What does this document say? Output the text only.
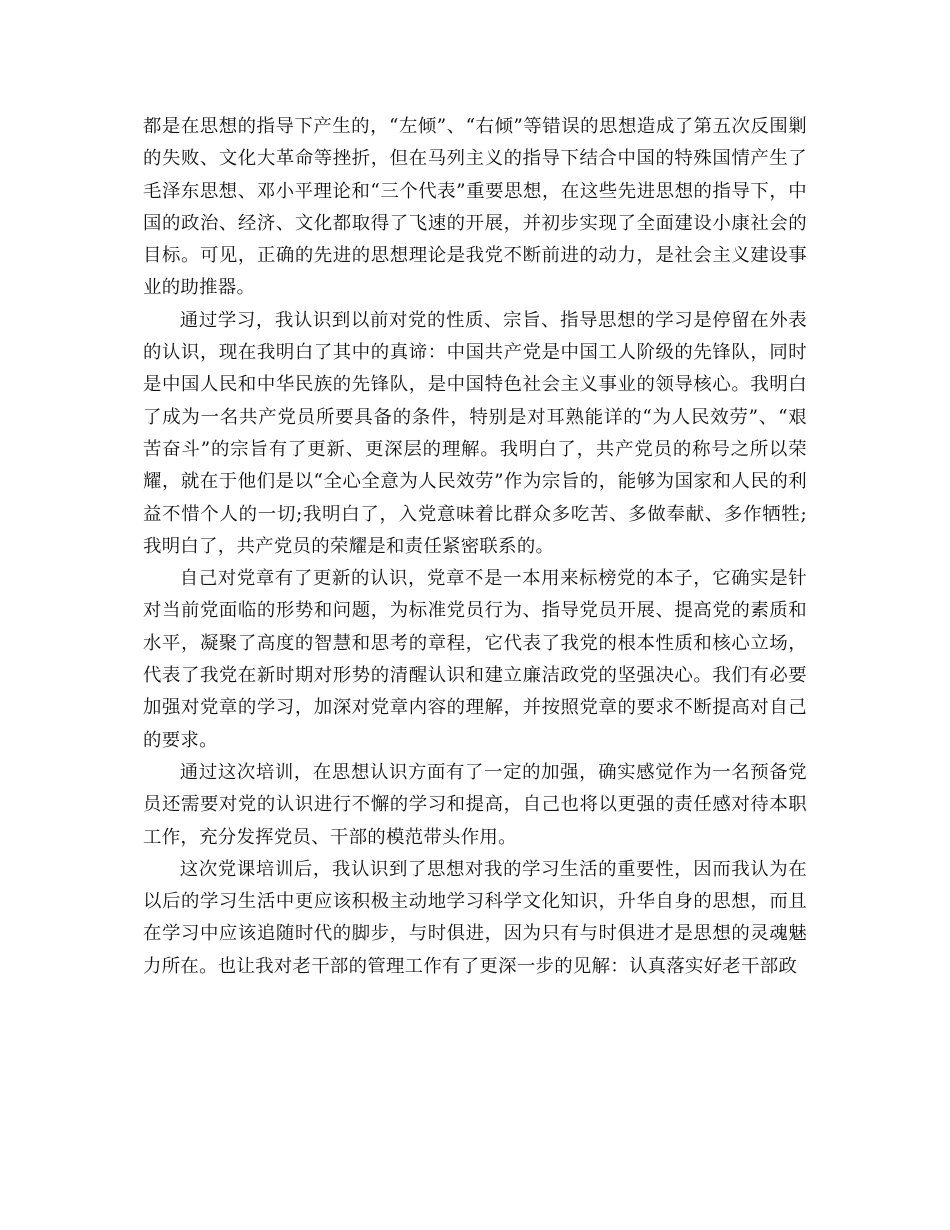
都是在思想的指导下产生的，“左倾”、“右倾”等错误的思想造成了第五次反围剿的失败、文化大革命等挫折，但在马列主义的指导下结合中国的特殊国情产生了毛泽东思想、邓小平理论和“三个代表”重要思想，在这些先进思想的指导下，中国的政治、经济、文化都取得了飞速的开展，并初步实现了全面建设小康社会的目标。可见，正确的先进的思想理论是我党不断前进的动力，是社会主义建设事业的助推器。

通过学习，我认识到以前对党的性质、宗旨、指导思想的学习是停留在外表的认识，现在我明白了其中的真谛：中国共产党是中国工人阶级的先锋队，同时是中国人民和中华民族的先锋队，是中国特色社会主义事业的领导核心。我明白了成为一名共产党员所要具备的条件，特别是对耳熟能详的“为人民效劳”、“艰苦奋斗”的宗旨有了更新、更深层的理解。我明白了，共产党员的称号之所以荣耀，就在于他们是以“全心全意为人民效劳”作为宗旨的，能够为国家和人民的利益不惜个人的一切;我明白了，入党意味着比群众多吃苦、多做奉献、多作牺牲;我明白了，共产党员的荣耀是和责任紧密联系的。

自己对党章有了更新的认识，党章不是一本用来标榜党的本子，它确实是针对当前党面临的形势和问题，为标准党员行为、指导党员开展、提高党的素质和水平，凝聚了高度的智慧和思考的章程，它代表了我党的根本性质和核心立场，代表了我党在新时期对形势的清醒认识和建立廉洁政党的坚强决心。我们有必要加强对党章的学习，加深对党章内容的理解，并按照党章的要求不断提高对自己的要求。

通过这次培训，在思想认识方面有了一定的加强，确实感觉作为一名预备党员还需要对党的认识进行不懈的学习和提高，自己也将以更强的责任感对待本职工作，充分发挥党员、干部的模范带头作用。

这次党课培训后，我认识到了思想对我的学习生活的重要性，因而我认为在以后的学习生活中更应该积极主动地学习科学文化知识，升华自身的思想，而且在学习中应该追随时代的脚步，与时俱进，因为只有与时俱进才是思想的灵魂魅力所在。也让我对老干部的管理工作有了更深一步的见解：认真落实好老干部政
